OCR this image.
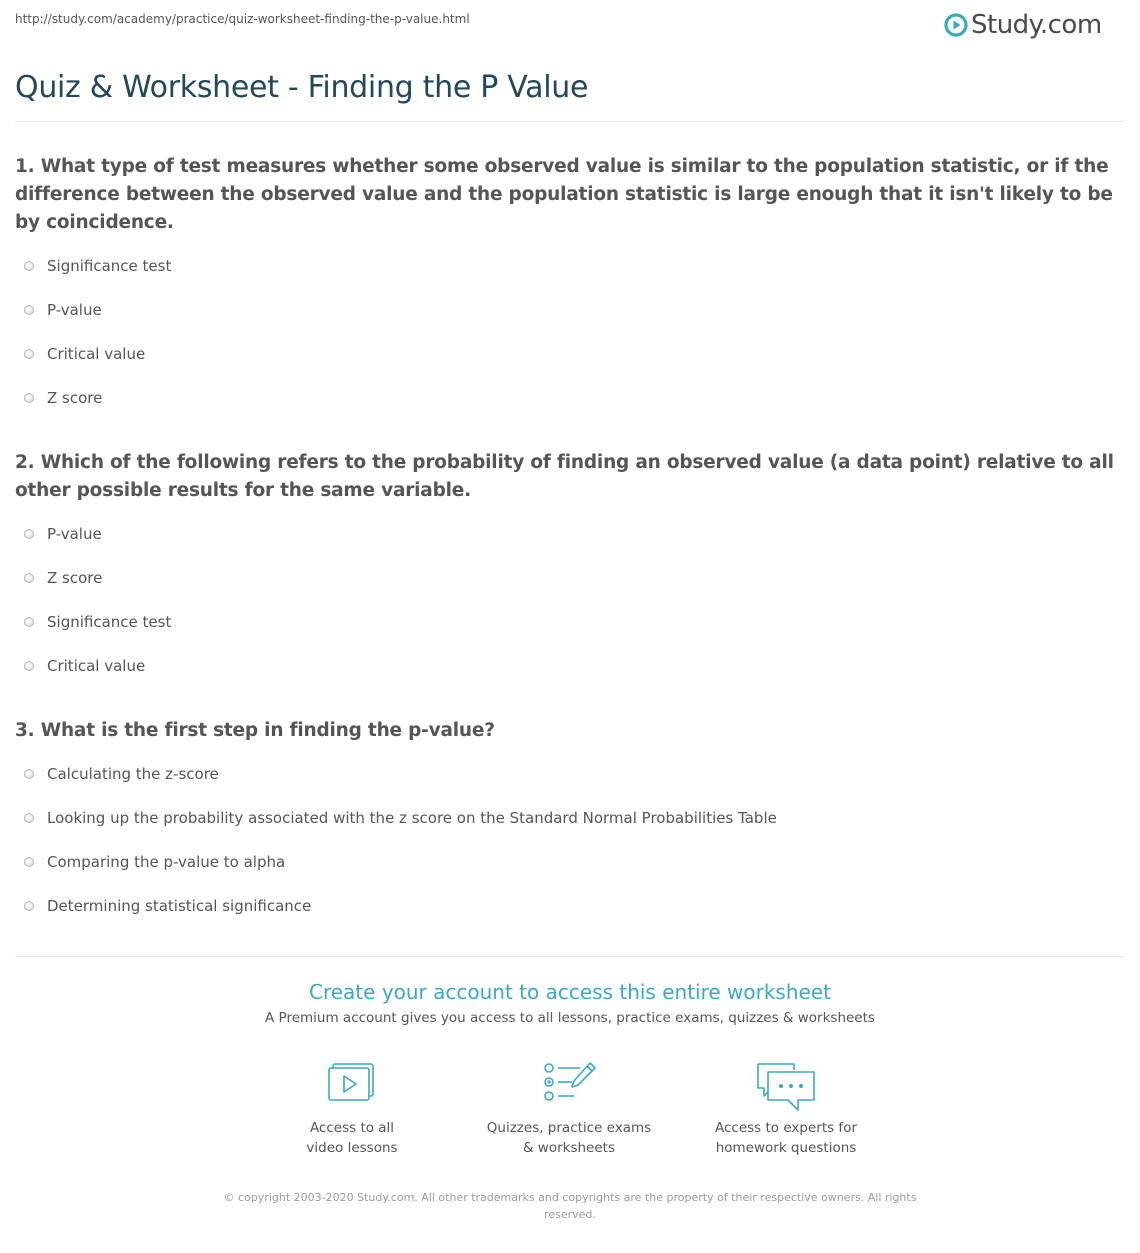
http://study.com/academy/practice/quiz-worksheet-finding-the-p-value.html	Study.com
Quiz & Worksheet - Finding the P Value

1. What type of test measures whether some observed value is similar to the population statistic, or if the difference between the observed value and the population statistic is large enough that it isn't likely to be by coincidence.

Significance test
P-value
Critical value
Z score

2. Which of the following refers to the probability of finding an observed value (a data point) relative to all other possible results for the same variable.

P-value
Z score
Significance test
Critical value

3. What is the first step in finding the p-value?

Calculating the z-score
Looking up the probability associated with the z score on the Standard Normal Probabilities Table
Comparing the p-value to alpha
Determining statistical significance
Create your account to access this entire worksheet
A Premium account gives you access to all lessons, practice exams, quizzes & worksheets
Access to all
video lessons
Quizzes, practice exams
& worksheets
Access to experts for
homework questions
© copyright 2003-2020 Study.com. All other trademarks and copyrights are the property of their respective owners. All rights reserved.
